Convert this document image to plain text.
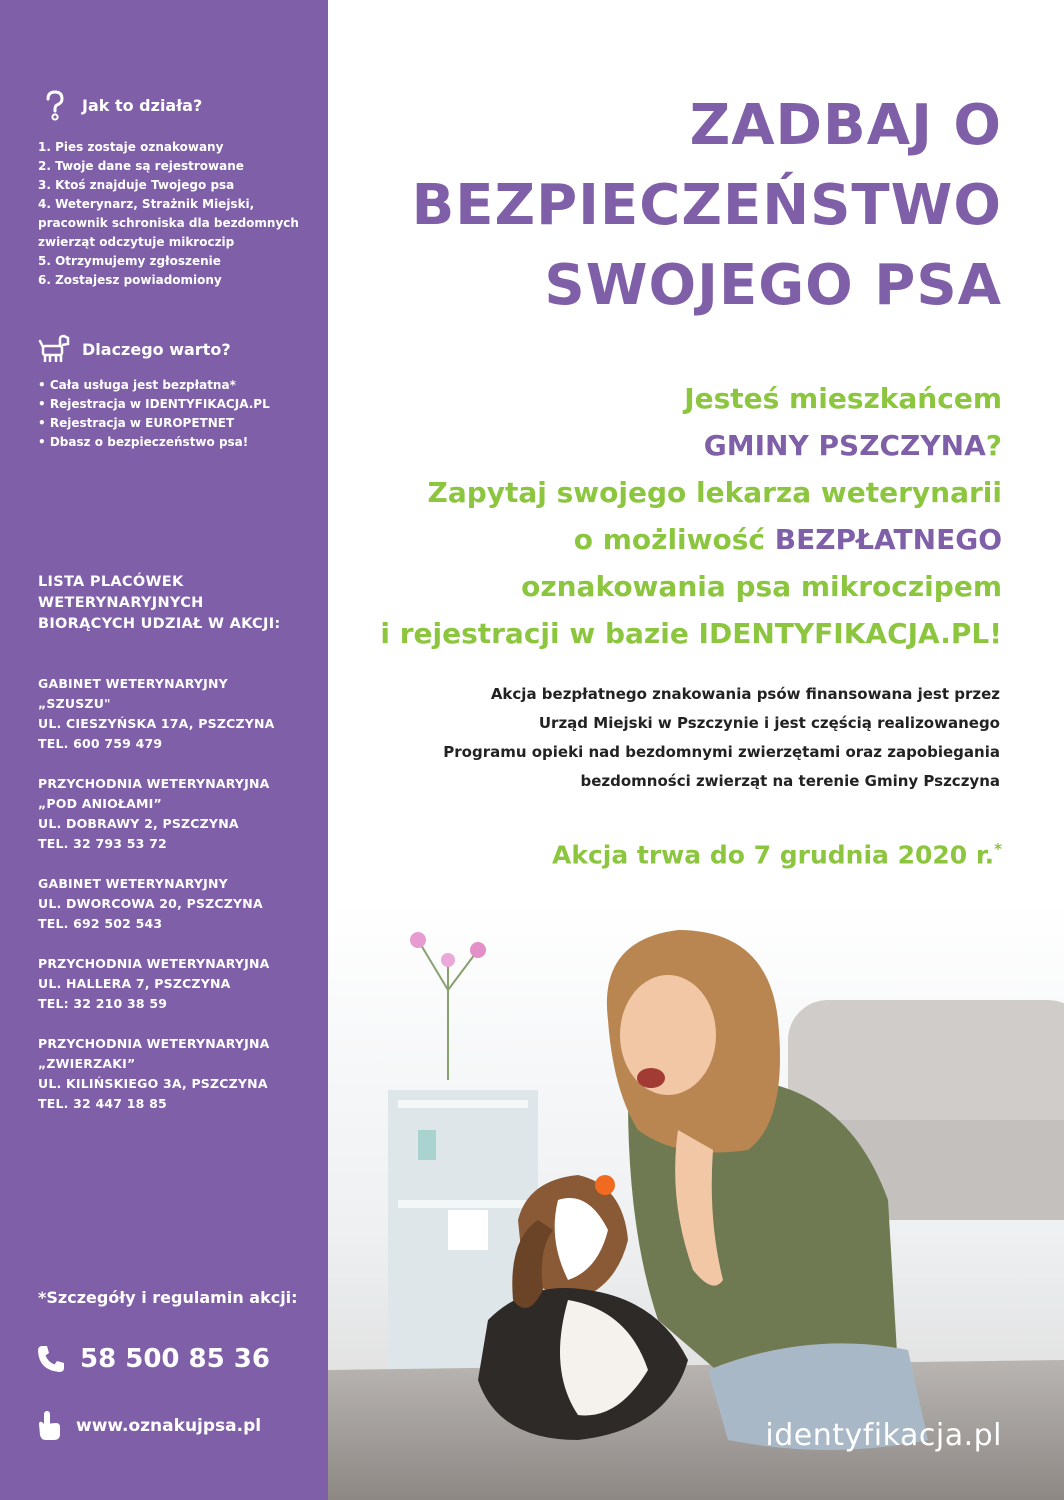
Jak to działa?
1. Pies zostaje oznakowany
2. Twoje dane są rejestrowane
3. Ktoś znajduje Twojego psa
4. Weterynarz, Strażnik Miejski, pracownik schroniska dla bezdomnych zwierząt odczytuje mikroczip
5. Otrzymujemy zgłoszenie
6. Zostajesz powiadomiony
Dlaczego warto?
• Cała usługa jest bezpłatna*
• Rejestracja w IDENTYFIKACJA.PL
• Rejestracja w EUROPETNET
• Dbasz o bezpieczeństwo psa!
LISTA PLACÓWEK
WETERYNARYJNYCH
BIORĄCYCH UDZIAŁ W AKCJI:
GABINET WETERYNARYJNY
„SZUSZU"
UL. CIESZYŃSKA 17A, PSZCZYNA
TEL. 600 759 479
PRZYCHODNIA WETERYNARYJNA
„POD ANIOŁAMI”
UL. DOBRAWY 2, PSZCZYNA
TEL. 32 793 53 72
GABINET WETERYNARYJNY
UL. DWORCOWA 20, PSZCZYNA
TEL. 692 502 543
PRZYCHODNIA WETERYNARYJNA
UL. HALLERA 7, PSZCZYNA
TEL: 32 210 38 59
PRZYCHODNIA WETERYNARYJNA
„ZWIERZAKI”
UL. KILIŃSKIEGO 3A, PSZCZYNA
TEL. 32 447 18 85
*Szczegóły i regulamin akcji:
58 500 85 36
www.oznakujpsa.pl
ZADBAJ O
BEZPIECZEŃSTWO
SWOJEGO PSA
Jesteś mieszkańcem
GMINY PSZCZYNA?
Zapytaj swojego lekarza weterynarii
o możliwość BEZPŁATNEGO
oznakowania psa mikroczipem
i rejestracji w bazie IDENTYFIKACJA.PL!
Akcja bezpłatnego znakowania psów finansowana jest przez
Urząd Miejski w Pszczynie i jest częścią realizowanego
Programu opieki nad bezdomnymi zwierzętami oraz zapobiegania
bezdomności zwierząt na terenie Gminy Pszczyna
Akcja trwa do 7 grudnia 2020 r.*
identyfikacja.pl
